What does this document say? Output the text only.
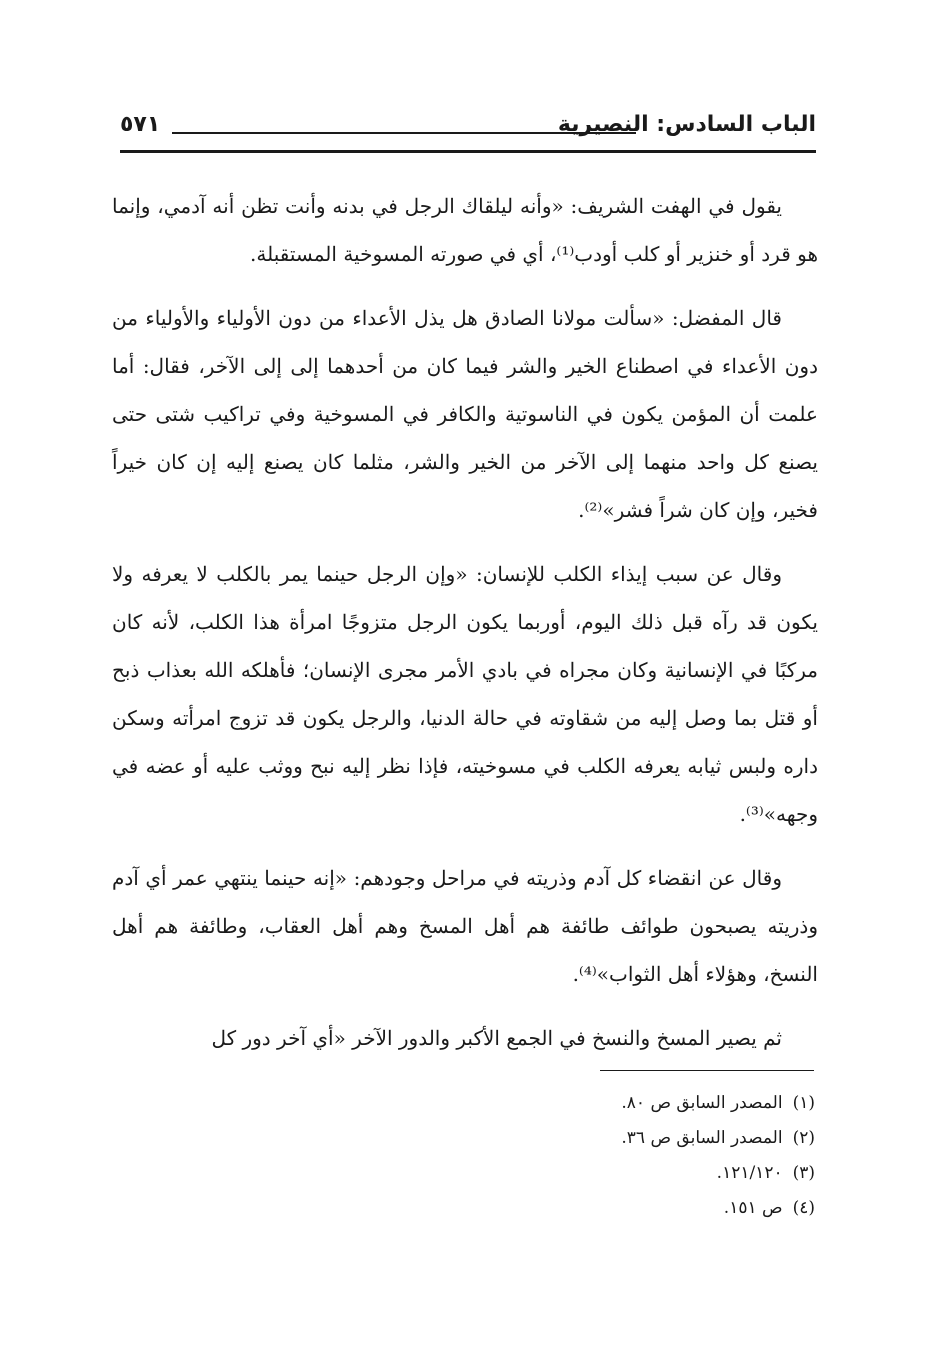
الباب السادس: النصيرية
٥٧١

يقول في الهفت الشريف: «وأنه ليلقاك الرجل في بدنه وأنت تظن أنه آدمي، وإنما هو قرد أو خنزير أو كلب أودب⁽¹⁾، أي في صورته المسوخية المستقبلة.

قال المفضل: «سألت مولانا الصادق هل يذل الأعداء من دون الأولياء والأولياء من دون الأعداء في اصطناع الخير والشر فيما كان من أحدهما إلى إلى الآخر، فقال: أما علمت أن المؤمن يكون في الناسوتية والكافر في المسوخية وفي تراكيب شتى حتى يصنع كل واحد منهما إلى الآخر من الخير والشر، مثلما كان يصنع إليه إن كان خيراً فخير، وإن كان شراً فشر»⁽²⁾.

وقال عن سبب إيذاء الكلب للإنسان: «وإن الرجل حينما يمر بالكلب لا يعرفه ولا يكون قد رآه قبل ذلك اليوم، أوربما يكون الرجل متزوجًا امرأة هذا الكلب، لأنه كان مركبًا في الإنسانية وكان مجراه في بادي الأمر مجرى الإنسان؛ فأهلكه الله بعذاب ذبح أو قتل بما وصل إليه من شقاوته في حالة الدنيا، والرجل يكون قد تزوج امرأته وسكن داره ولبس ثيابه يعرفه الكلب في مسوخيته، فإذا نظر إليه نبح ووثب عليه أو عضه في وجهه»⁽³⁾.

وقال عن انقضاء كل آدم وذريته في مراحل وجودهم: «إنه حينما ينتهي عمر أي آدم وذريته يصبحون طوائف طائفة هم أهل المسخ وهم أهل العقاب، وطائفة هم أهل النسخ، وهؤلاء أهل الثواب»⁽⁴⁾.

ثم يصير المسخ والنسخ في الجمع الأكبر والدور الآخر «أي آخر دور كل

(١)المصدر السابق ص ٨٠.
(٢)المصدر السابق ص ٣٦.
(٣)١٢١/١٢٠.
(٤)ص ١٥١.
